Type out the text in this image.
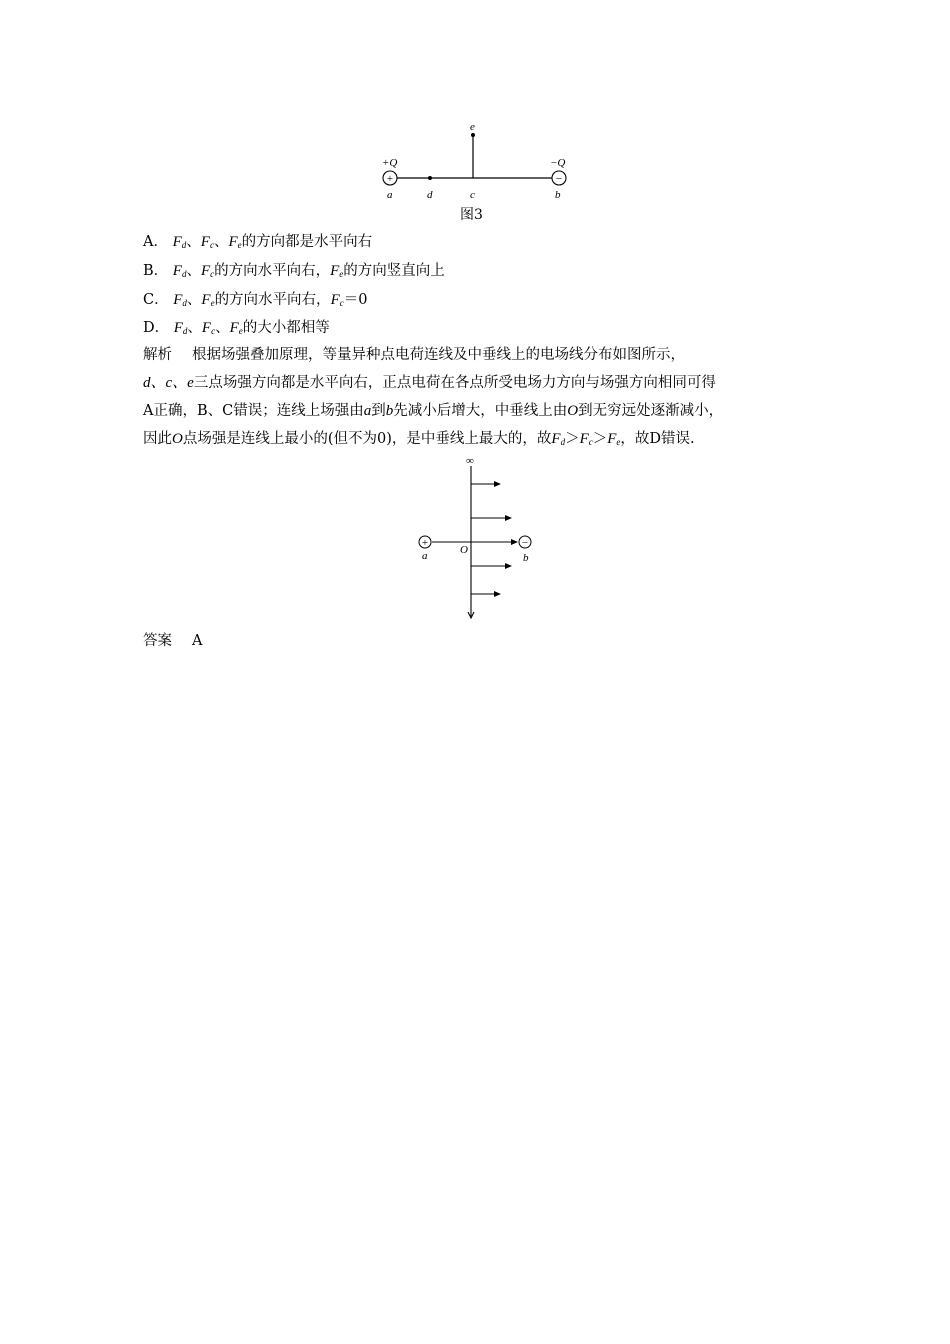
+	−
+Q	−Q
e
a	d	c	b
图3
A． $F_d$、$F_c$、$F_e$的方向都是水平向右
B． $F_d$、$F_c$的方向水平向右，$F_e$的方向竖直向上
C． $F_d$、$F_e$的方向水平向右，$F_c=0$
D． $F_d$、$F_c$、$F_e$的大小都相等
解析 根据场强叠加原理，等量异种点电荷连线及中垂线上的电场线分布如图所示，
d、c、e三点场强方向都是水平向右，正点电荷在各点所受电场力方向与场强方向相同可得
A正确，B、C错误；连线上场强由a到b先减小后增大，中垂线上由O到无穷远处逐渐减小，
因此O点场强是连线上最小的(但不为0)，是中垂线上最大的，故$F_d>F_c>F_e$，故D错误.
∞
+	−
a	O
b
答案 A
